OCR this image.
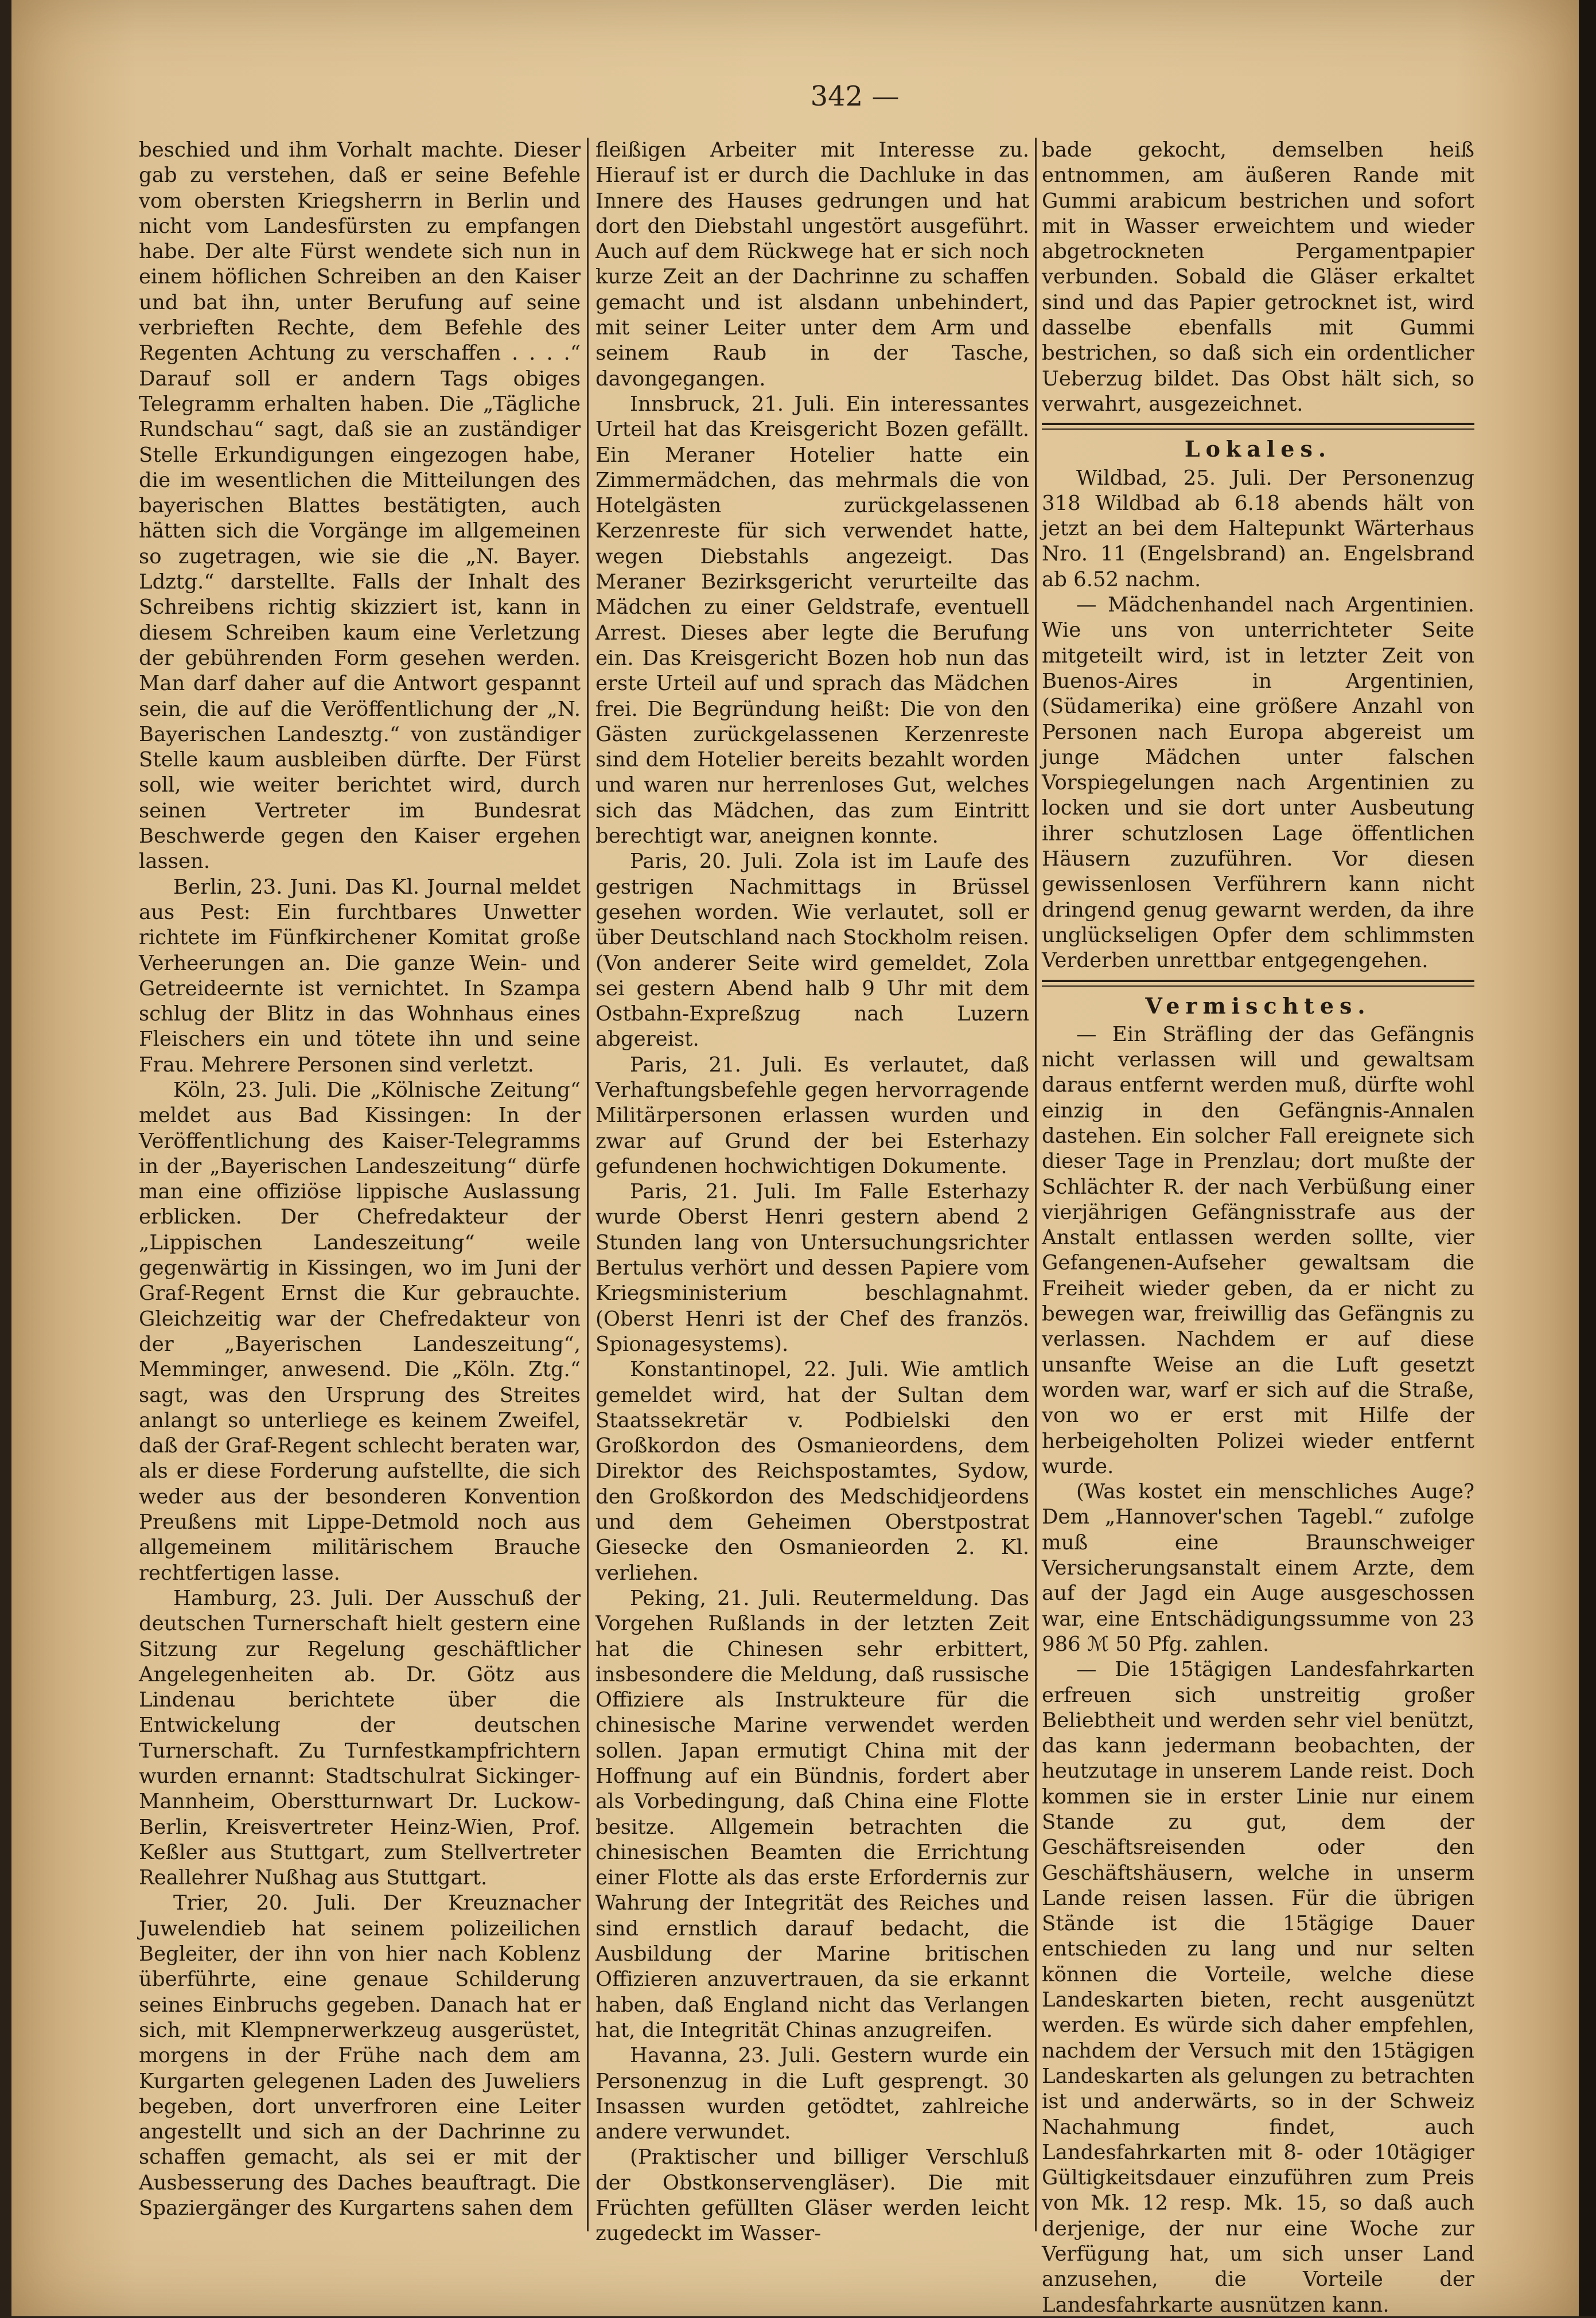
342 —

beschied und ihm Vorhalt machte. Dieser gab zu verstehen, daß er seine Befehle vom obersten Kriegsherrn in Berlin und nicht vom Landesfürsten zu empfangen habe. Der alte Fürst wendete sich nun in einem höflichen Schreiben an den Kaiser und bat ihn, unter Berufung auf seine verbrieften Rechte, dem Befehle des Regenten Achtung zu verschaffen . . . .“ Darauf soll er andern Tags obiges Telegramm erhalten haben. Die „Tägliche Rundschau“ sagt, daß sie an zuständiger Stelle Erkundigungen eingezogen habe, die im wesentlichen die Mitteilungen des bayerischen Blattes bestätigten, auch hätten sich die Vorgänge im allgemeinen so zugetragen, wie sie die „N. Bayer. Ldztg.“ darstellte. Falls der Inhalt des Schreibens richtig skizziert ist, kann in diesem Schreiben kaum eine Verletzung der gebührenden Form gesehen werden. Man darf daher auf die Antwort gespannt sein, die auf die Veröffentlichung der „N. Bayerischen Landesztg.“ von zuständiger Stelle kaum ausbleiben dürfte. Der Fürst soll, wie weiter berichtet wird, durch seinen Vertreter im Bundesrat Beschwerde gegen den Kaiser ergehen lassen.

Berlin, 23. Juni. Das Kl. Journal meldet aus Pest: Ein furchtbares Unwetter richtete im Fünfkirchener Komitat große Verheerungen an. Die ganze Wein- und Getreideernte ist vernichtet. In Szampa schlug der Blitz in das Wohnhaus eines Fleischers ein und tötete ihn und seine Frau. Mehrere Personen sind verletzt.

Köln, 23. Juli. Die „Kölnische Zeitung“ meldet aus Bad Kissingen: In der Veröffentlichung des Kaiser-Telegramms in der „Bayerischen Landeszeitung“ dürfe man eine offiziöse lippische Auslassung erblicken. Der Chefredakteur der „Lippischen Landeszeitung“ weile gegenwärtig in Kissingen, wo im Juni der Graf-Regent Ernst die Kur gebrauchte. Gleichzeitig war der Chefredakteur von der „Bayerischen Landeszeitung“, Memminger, anwesend. Die „Köln. Ztg.“ sagt, was den Ursprung des Streites anlangt so unterliege es keinem Zweifel, daß der Graf-Regent schlecht beraten war, als er diese Forderung aufstellte, die sich weder aus der besonderen Konvention Preußens mit Lippe-Detmold noch aus allgemeinem militärischem Brauche rechtfertigen lasse.

Hamburg, 23. Juli. Der Ausschuß der deutschen Turnerschaft hielt gestern eine Sitzung zur Regelung geschäftlicher Angelegenheiten ab. Dr. Götz aus Lindenau berichtete über die Entwickelung der deutschen Turnerschaft. Zu Turnfestkampfrichtern wurden ernannt: Stadtschulrat Sickinger-Mannheim, Oberstturnwart Dr. Luckow-Berlin, Kreisvertreter Heinz-Wien, Prof. Keßler aus Stuttgart, zum Stellvertreter Reallehrer Nußhag aus Stuttgart.

Trier, 20. Juli. Der Kreuznacher Juwelendieb hat seinem polizeilichen Begleiter, der ihn von hier nach Koblenz überführte, eine genaue Schilderung seines Einbruchs gegeben. Danach hat er sich, mit Klempnerwerkzeug ausgerüstet, morgens in der Frühe nach dem am Kurgarten gelegenen Laden des Juweliers begeben, dort unverfroren eine Leiter angestellt und sich an der Dachrinne zu schaffen gemacht, als sei er mit der Ausbesserung des Daches beauftragt. Die Spaziergänger des Kurgartens sahen dem

fleißigen Arbeiter mit Interesse zu. Hierauf ist er durch die Dachluke in das Innere des Hauses gedrungen und hat dort den Diebstahl ungestört ausgeführt. Auch auf dem Rückwege hat er sich noch kurze Zeit an der Dachrinne zu schaffen gemacht und ist alsdann unbehindert, mit seiner Leiter unter dem Arm und seinem Raub in der Tasche, davongegangen.

Innsbruck, 21. Juli. Ein interessantes Urteil hat das Kreisgericht Bozen gefällt. Ein Meraner Hotelier hatte ein Zimmermädchen, das mehrmals die von Hotelgästen zurückgelassenen Kerzenreste für sich verwendet hatte, wegen Diebstahls angezeigt. Das Meraner Bezirksgericht verurteilte das Mädchen zu einer Geldstrafe, eventuell Arrest. Dieses aber legte die Berufung ein. Das Kreisgericht Bozen hob nun das erste Urteil auf und sprach das Mädchen frei. Die Begründung heißt: Die von den Gästen zurückgelassenen Kerzenreste sind dem Hotelier bereits bezahlt worden und waren nur herrenloses Gut, welches sich das Mädchen, das zum Eintritt berechtigt war, aneignen konnte.

Paris, 20. Juli. Zola ist im Laufe des gestrigen Nachmittags in Brüssel gesehen worden. Wie verlautet, soll er über Deutschland nach Stockholm reisen. (Von anderer Seite wird gemeldet, Zola sei gestern Abend halb 9 Uhr mit dem Ostbahn-Expreßzug nach Luzern abgereist.

Paris, 21. Juli. Es verlautet, daß Verhaftungsbefehle gegen hervorragende Militärpersonen erlassen wurden und zwar auf Grund der bei Esterhazy gefundenen hochwichtigen Dokumente.

Paris, 21. Juli. Im Falle Esterhazy wurde Oberst Henri gestern abend 2 Stunden lang von Untersuchungsrichter Bertulus verhört und dessen Papiere vom Kriegsministerium beschlagnahmt. (Oberst Henri ist der Chef des französ. Spionagesystems).

Konstantinopel, 22. Juli. Wie amtlich gemeldet wird, hat der Sultan dem Staatssekretär v. Podbielski den Großkordon des Osmanieordens, dem Direktor des Reichspostamtes, Sydow, den Großkordon des Medschidjeordens und dem Geheimen Oberstpostrat Giesecke den Osmanieorden 2. Kl. verliehen.

Peking, 21. Juli. Reutermeldung. Das Vorgehen Rußlands in der letzten Zeit hat die Chinesen sehr erbittert, insbesondere die Meldung, daß russische Offiziere als Instrukteure für die chinesische Marine verwendet werden sollen. Japan ermutigt China mit der Hoffnung auf ein Bündnis, fordert aber als Vorbedingung, daß China eine Flotte besitze. Allgemein betrachten die chinesischen Beamten die Errichtung einer Flotte als das erste Erfordernis zur Wahrung der Integrität des Reiches und sind ernstlich darauf bedacht, die Ausbildung der Marine britischen Offizieren anzuvertrauen, da sie erkannt haben, daß England nicht das Verlangen hat, die Integrität Chinas anzugreifen.

Havanna, 23. Juli. Gestern wurde ein Personenzug in die Luft gesprengt. 30 Insassen wurden getödtet, zahlreiche andere verwundet.

(Praktischer und billiger Verschluß der Obstkonservengläser). Die mit Früchten gefüllten Gläser werden leicht zugedeckt im Wasser-

bade gekocht, demselben heiß entnommen, am äußeren Rande mit Gummi arabicum bestrichen und sofort mit in Wasser erweichtem und wieder abgetrockneten Pergamentpapier verbunden. Sobald die Gläser erkaltet sind und das Papier getrocknet ist, wird dasselbe ebenfalls mit Gummi bestrichen, so daß sich ein ordentlicher Ueberzug bildet. Das Obst hält sich, so verwahrt, ausgezeichnet.

Lokales.

Wildbad, 25. Juli. Der Personenzug 318 Wildbad ab 6.18 abends hält von jetzt an bei dem Haltepunkt Wärterhaus Nro. 11 (Engelsbrand) an. Engelsbrand ab 6.52 nachm.

— Mädchenhandel nach Argentinien. Wie uns von unterrichteter Seite mitgeteilt wird, ist in letzter Zeit von Buenos-Aires in Argentinien, (Südamerika) eine größere Anzahl von Personen nach Europa abgereist um junge Mädchen unter falschen Vorspiegelungen nach Argentinien zu locken und sie dort unter Ausbeutung ihrer schutzlosen Lage öffentlichen Häusern zuzuführen. Vor diesen gewissenlosen Verführern kann nicht dringend genug gewarnt werden, da ihre unglückseligen Opfer dem schlimmsten Verderben unrettbar entgegengehen.

Vermischtes.

— Ein Sträfling der das Gefängnis nicht verlassen will und gewaltsam daraus entfernt werden muß, dürfte wohl einzig in den Gefängnis-Annalen dastehen. Ein solcher Fall ereignete sich dieser Tage in Prenzlau; dort mußte der Schlächter R. der nach Verbüßung einer vierjährigen Gefängnisstrafe aus der Anstalt entlassen werden sollte, vier Gefangenen-Aufseher gewaltsam die Freiheit wieder geben, da er nicht zu bewegen war, freiwillig das Gefängnis zu verlassen. Nachdem er auf diese unsanfte Weise an die Luft gesetzt worden war, warf er sich auf die Straße, von wo er erst mit Hilfe der herbeigeholten Polizei wieder entfernt wurde.

(Was kostet ein menschliches Auge? Dem „Hannover'schen Tagebl.“ zufolge muß eine Braunschweiger Versicherungsanstalt einem Arzte, dem auf der Jagd ein Auge ausgeschossen war, eine Entschädigungssumme von 23 986 ℳ 50 Pfg. zahlen.

— Die 15tägigen Landesfahrkarten erfreuen sich unstreitig großer Beliebtheit und werden sehr viel benützt, das kann jedermann beobachten, der heutzutage in unserem Lande reist. Doch kommen sie in erster Linie nur einem Stande zu gut, dem der Geschäftsreisenden oder den Geschäftshäusern, welche in unserm Lande reisen lassen. Für die übrigen Stände ist die 15tägige Dauer entschieden zu lang und nur selten können die Vorteile, welche diese Landeskarten bieten, recht ausgenützt werden. Es würde sich daher empfehlen, nachdem der Versuch mit den 15tägigen Landeskarten als gelungen zu betrachten ist und anderwärts, so in der Schweiz Nachahmung findet, auch Landesfahrkarten mit 8- oder 10tägiger Gültigkeitsdauer einzuführen zum Preis von Mk. 12 resp. Mk. 15, so daß auch derjenige, der nur eine Woche zur Verfügung hat, um sich unser Land anzusehen, die Vorteile der Landesfahrkarte ausnützen kann.
